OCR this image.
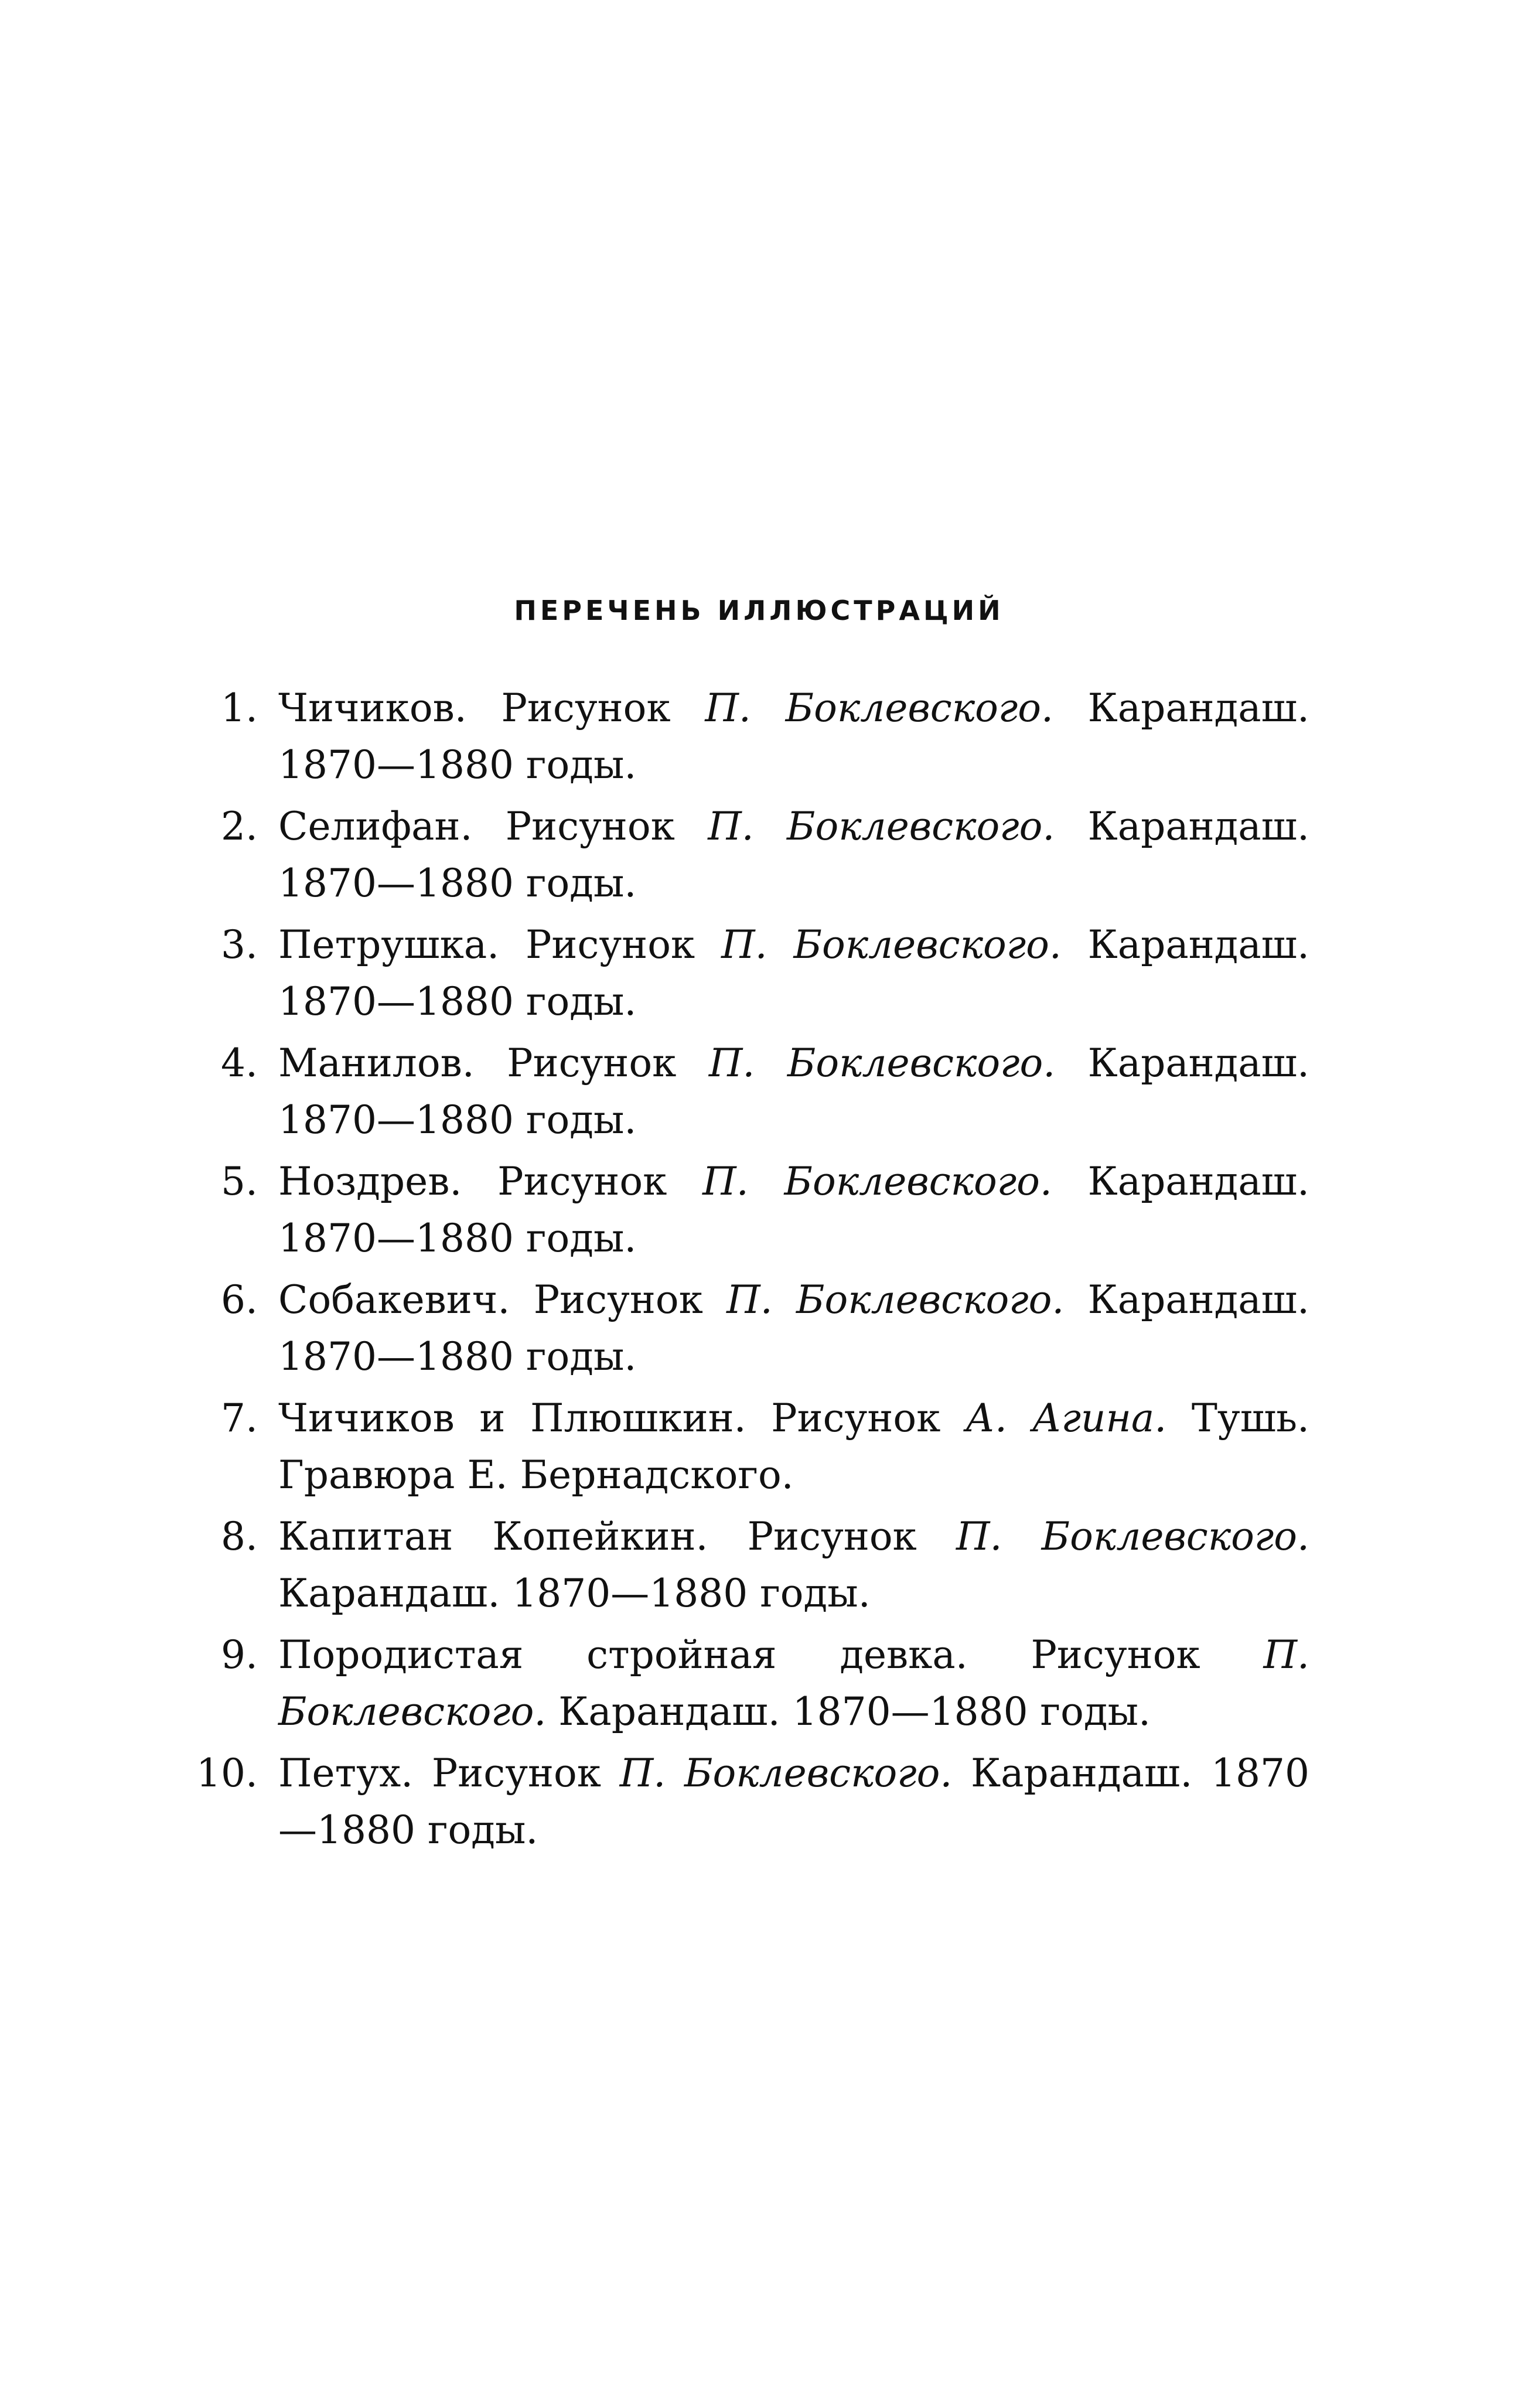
ПЕРЕЧЕНЬ ИЛЛЮСТРАЦИЙ
1. Чичиков. Рисунок П. Боклевского. Карандаш. 1870—1880 годы.
2. Селифан. Рисунок П. Боклевского. Карандаш. 1870—1880 годы.
3. Петрушка. Рисунок П. Боклевского. Карандаш. 1870—1880 годы.
4. Манилов. Рисунок П. Боклевского. Карандаш. 1870—1880 годы.
5. Ноздрев. Рисунок П. Боклевского. Карандаш. 1870—1880 годы.
6. Собакевич. Рисунок П. Боклевского. Карандаш. 1870—1880 годы.
7. Чичиков и Плюшкин. Рисунок А. Агина. Тушь. Гравюра Е. Бернадского.
8. Капитан Копейкин. Рисунок П. Боклевского. Карандаш. 1870—1880 годы.
9. Породистая стройная девка. Рисунок П. Боклевского. Карандаш. 1870—1880 годы.
10. Петух. Рисунок П. Боклевского. Карандаш. 1870—1880 годы.
